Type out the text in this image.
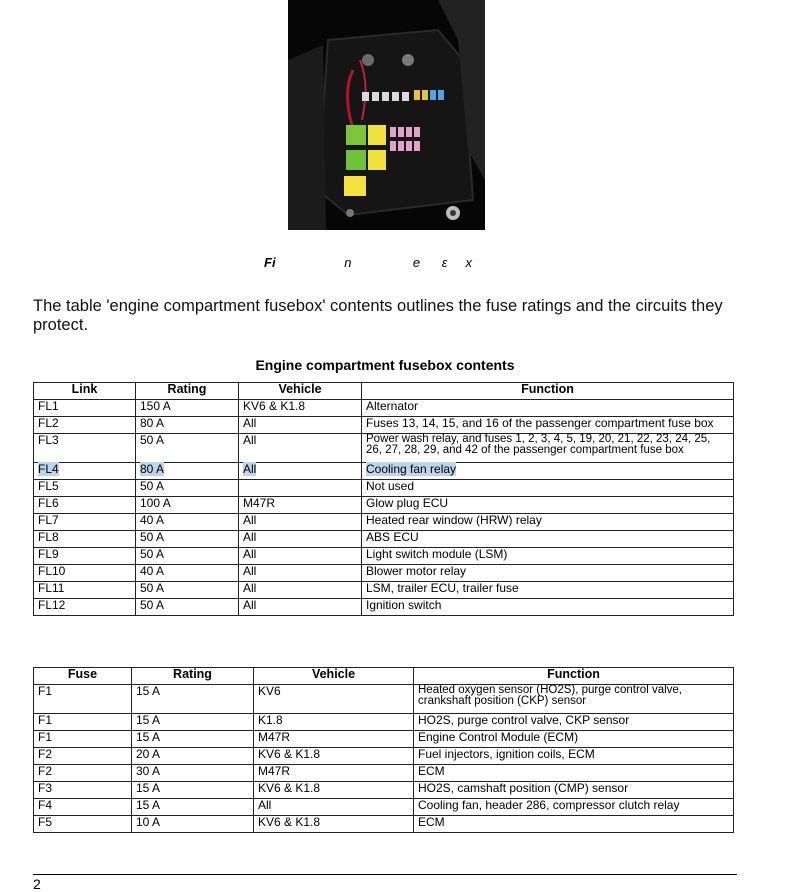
Fi	n	e ε x
The table 'engine compartment fusebox' contents outlines the fuse ratings and the circuits they protect.
Engine compartment fusebox contents
Link	Rating	Vehicle	Function
FL1	150 A	KV6 & K1.8	Alternator
FL2	80 A	All	Fuses 13, 14, 15, and 16 of the passenger compartment fuse box
FL3	50 A	All	Power wash relay, and fuses 1, 2, 3, 4, 5, 19, 20, 21, 22, 23, 24, 25, 26, 27, 28, 29, and 42 of the passenger compartment fuse box
FL4	80 A	All	Cooling fan relay
FL5	50 A		Not used
FL6	100 A	M47R	Glow plug ECU
FL7	40 A	All	Heated rear window (HRW) relay
FL8	50 A	All	ABS ECU
FL9	50 A	All	Light switch module (LSM)
FL10	40 A	All	Blower motor relay
FL11	50 A	All	LSM, trailer ECU, trailer fuse
FL12	50 A	All	Ignition switch
Fuse	Rating	Vehicle	Function
F1	15 A	KV6	Heated oxygen sensor (HO2S), purge control valve, crankshaft position (CKP) sensor
F1	15 A	K1.8	HO2S, purge control valve, CKP sensor
F1	15 A	M47R	Engine Control Module (ECM)
F2	20 A	KV6 & K1.8	Fuel injectors, ignition coils, ECM
F2	30 A	M47R	ECM
F3	15 A	KV6 & K1.8	HO2S, camshaft position (CMP) sensor
F4	15 A	All	Cooling fan, header 286, compressor clutch relay
F5	10 A	KV6 & K1.8	ECM
2
